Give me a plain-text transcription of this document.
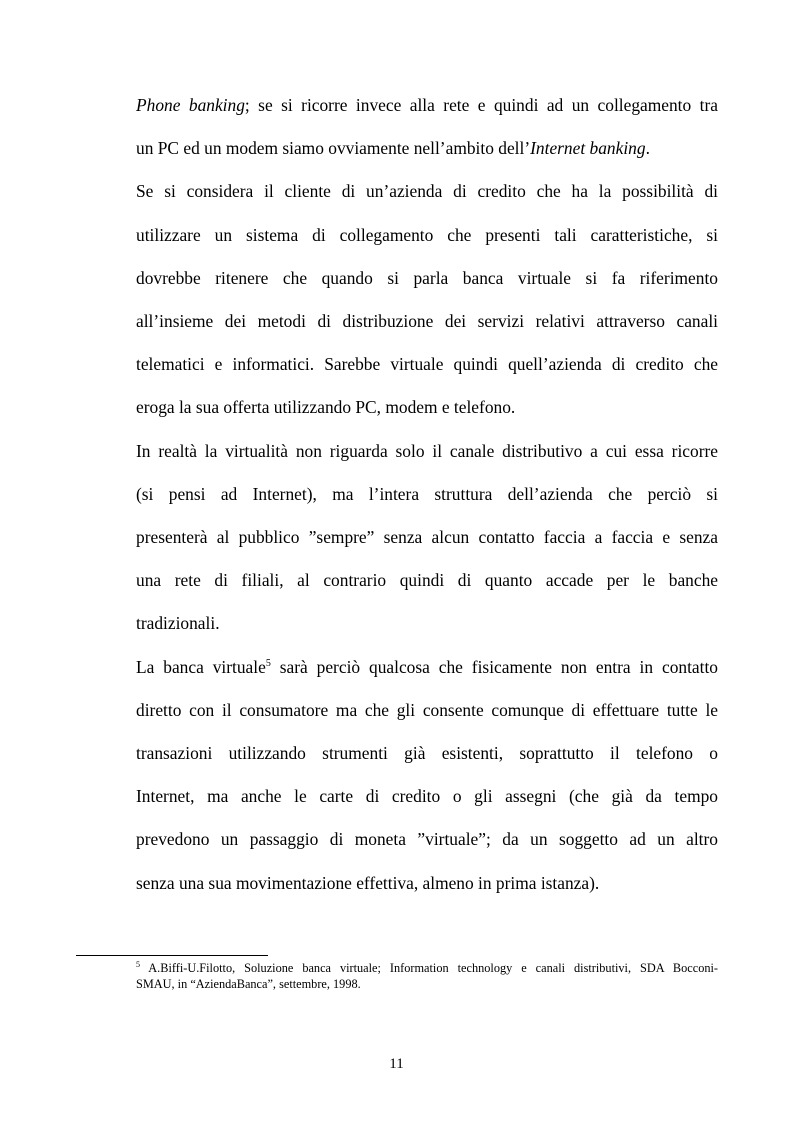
Phone banking; se si ricorre invece alla rete e quindi ad un collegamento tra

un PC ed un modem siamo ovviamente nell’ambito dell’Internet banking.

Se si considera il cliente di un’azienda di credito che ha la possibilità di

utilizzare un sistema di collegamento che presenti tali caratteristiche, si

dovrebbe ritenere che quando si parla banca virtuale si fa riferimento

all’insieme dei metodi di distribuzione dei servizi relativi attraverso canali

telematici e informatici. Sarebbe virtuale quindi quell’azienda di credito che

eroga la sua offerta utilizzando PC, modem e telefono.

In realtà la virtualità non riguarda solo il canale distributivo a cui essa ricorre

(si pensi ad Internet), ma l’intera struttura dell’azienda che perciò si

presenterà al pubblico ”sempre” senza alcun contatto faccia a faccia e senza

una rete di filiali, al contrario quindi di quanto accade per le banche

tradizionali.

La banca virtuale$^5$ sarà perciò qualcosa che fisicamente non entra in contatto

diretto con il consumatore ma che gli consente comunque di effettuare tutte le

transazioni utilizzando strumenti già esistenti, soprattutto il telefono o

Internet, ma anche le carte di credito o gli assegni (che già da tempo

prevedono un passaggio di moneta ”virtuale”; da un soggetto ad un altro

senza una sua movimentazione effettiva, almeno in prima istanza).

$^5$ A.Biffi-U.Filotto, Soluzione banca virtuale; Information technology e canali distributivi, SDA Bocconi-

SMAU, in “AziendaBanca”, settembre, 1998.

11
